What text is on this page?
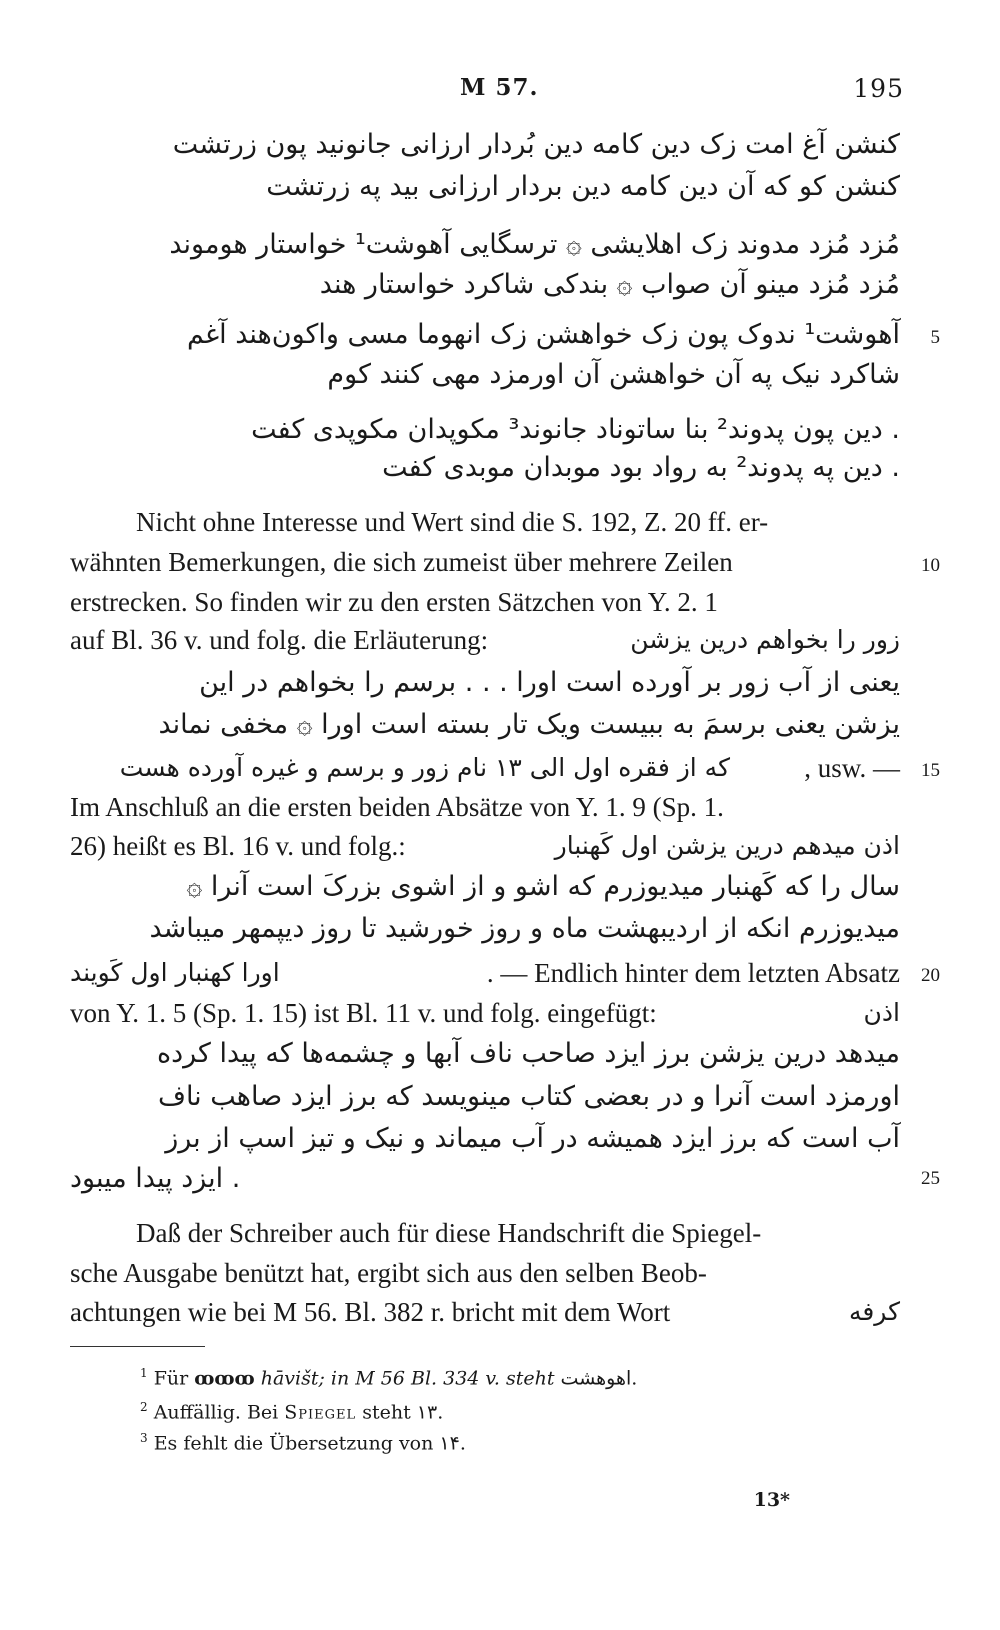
M 57.	195
کنشن آغ امت زک دین کامه دین بُردار ارزانی جانونید پون زرتشت
کنشن کو که آن دین کامه دین بردار ارزانی بید په زرتشت
مُزد مُزد مدوند زک اهلایشی ۞ ترسگایی آهوشت¹ خواستار هوموند
مُزد مُزد مینو آن صواب ۞ بندکی شاکرد خواستار هند
آهوشت¹ ندوک پون زک خواهشن زک انهوما مسی واکون‌هند آغم
شاکرد نیک په آن خواهشن آن اورمزد مهی کنند کوم
. دین پون پدوند² بنا ساتوناد جانوند³ مکوپدان مکوپدی کفت
. دین په پدوند² به رواد بود موبدان موبدی کفت
Nicht ohne Interesse und Wert sind die S. 192, Z. 20 ff. er-
wähnten Bemerkungen, die sich zumeist über mehrere Zeilen
erstrecken. So finden wir zu den ersten Sätzchen von Y. 2. 1
auf Bl. 36 v. und folg. die Erläuterung:	زور را بخواهم درین یزشن
یعنی از آب زور بر آورده است اورا . . . برسم را بخواهم در این
یزشن یعنی برسمَ به ببیست ویک تار بسته است اورا ۞ مخفی نماند
که از فقره اول الی ۱۳ نام زور و برسم و غیره آورده هست	, usw. —
Im Anschluß an die ersten beiden Absätze von Y. 1. 9 (Sp. 1.
26) heißt es Bl. 16 v. und folg.:	اذن میدهم درین یزشن اول کَهنبار
سال را که کَهنبار میدیوزرم که اشو و از اشوی بزرکَ است آنرا ۞
میدیوزرم انکه از اردیبهشت ماه و روز خورشید تا روز دیپمهر میباشد
اورا کهنبار اول کَویند	. — Endlich hinter dem letzten Absatz
von Y. 1. 5 (Sp. 1. 15) ist Bl. 11 v. und folg. eingefügt:	اذن
میدهد درین یزشن برز ایزد صاحب ناف آبها و چشمه‌ها که پیدا کرده
اورمزد است آنرا و در بعضی کتاب مینویسد که برز ایزد صاهب ناف
آب است که برز ایزد همیشه در آب میماند و نیک و تیز اسپ از برز
. ایزد پیدا میبود
Daß der Schreiber auch für diese Handschrift die Spiegel-
sche Ausgabe benützt hat, ergibt sich aus den selben Beob-
achtungen wie bei M 56. Bl. 382 r. bricht mit dem Wort	کرفه
5
10
15
20
25
$^1$ Für ꝏꝏꝏ hāvišt; in M 56 Bl. 334 v. steht اهوهشت.
$^2$ Auffällig. Bei Spiegel steht ۱۳.
$^3$ Es fehlt die Übersetzung von ۱۴.
13*
